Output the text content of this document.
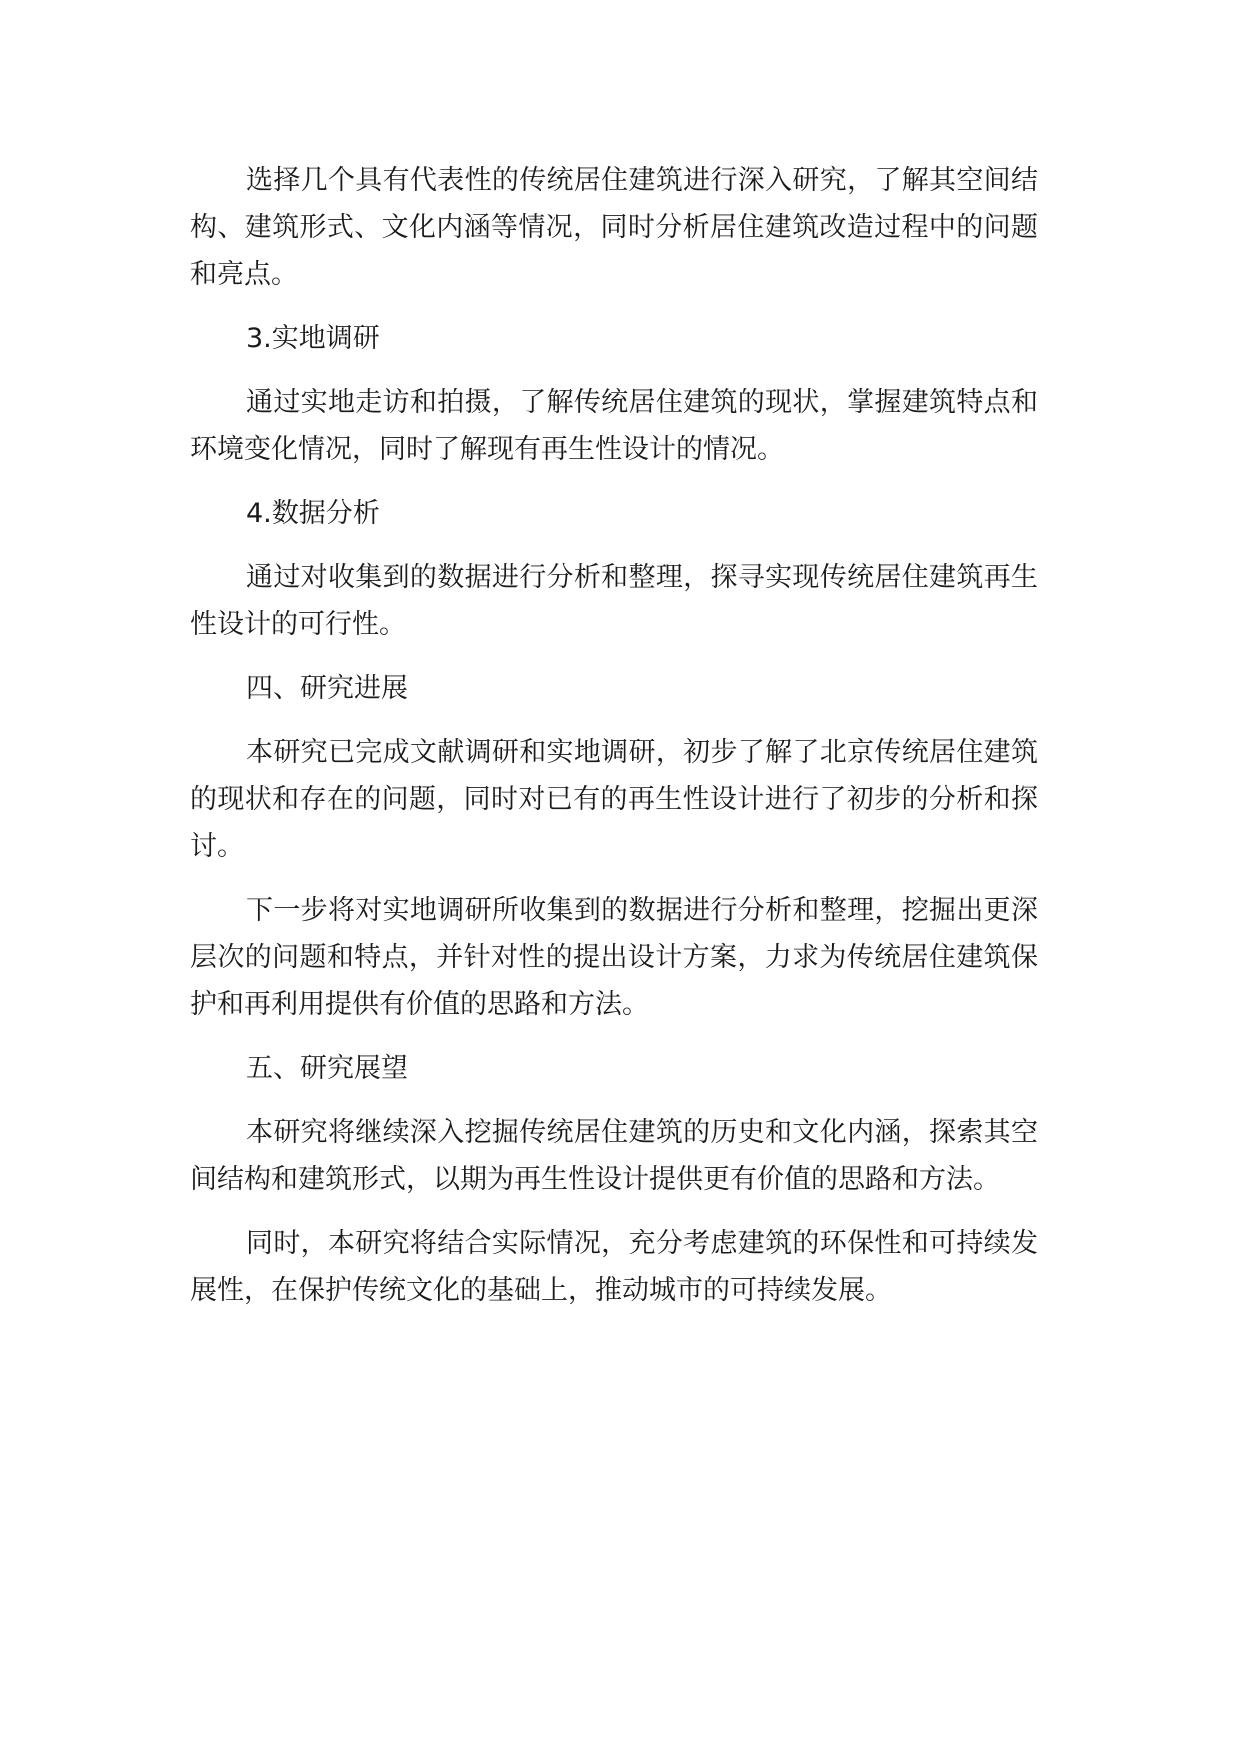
选择几个具有代表性的传统居住建筑进行深入研究，了解其空间结构、建筑形式、文化内涵等情况，同时分析居住建筑改造过程中的问题和亮点。

3.实地调研

通过实地走访和拍摄，了解传统居住建筑的现状，掌握建筑特点和环境变化情况，同时了解现有再生性设计的情况。

4.数据分析

通过对收集到的数据进行分析和整理，探寻实现传统居住建筑再生性设计的可行性。

四、研究进展

本研究已完成文献调研和实地调研，初步了解了北京传统居住建筑的现状和存在的问题，同时对已有的再生性设计进行了初步的分析和探讨。

下一步将对实地调研所收集到的数据进行分析和整理，挖掘出更深层次的问题和特点，并针对性的提出设计方案，力求为传统居住建筑保护和再利用提供有价值的思路和方法。

五、研究展望

本研究将继续深入挖掘传统居住建筑的历史和文化内涵，探索其空间结构和建筑形式，以期为再生性设计提供更有价值的思路和方法。

同时，本研究将结合实际情况，充分考虑建筑的环保性和可持续发展性，在保护传统文化的基础上，推动城市的可持续发展。
